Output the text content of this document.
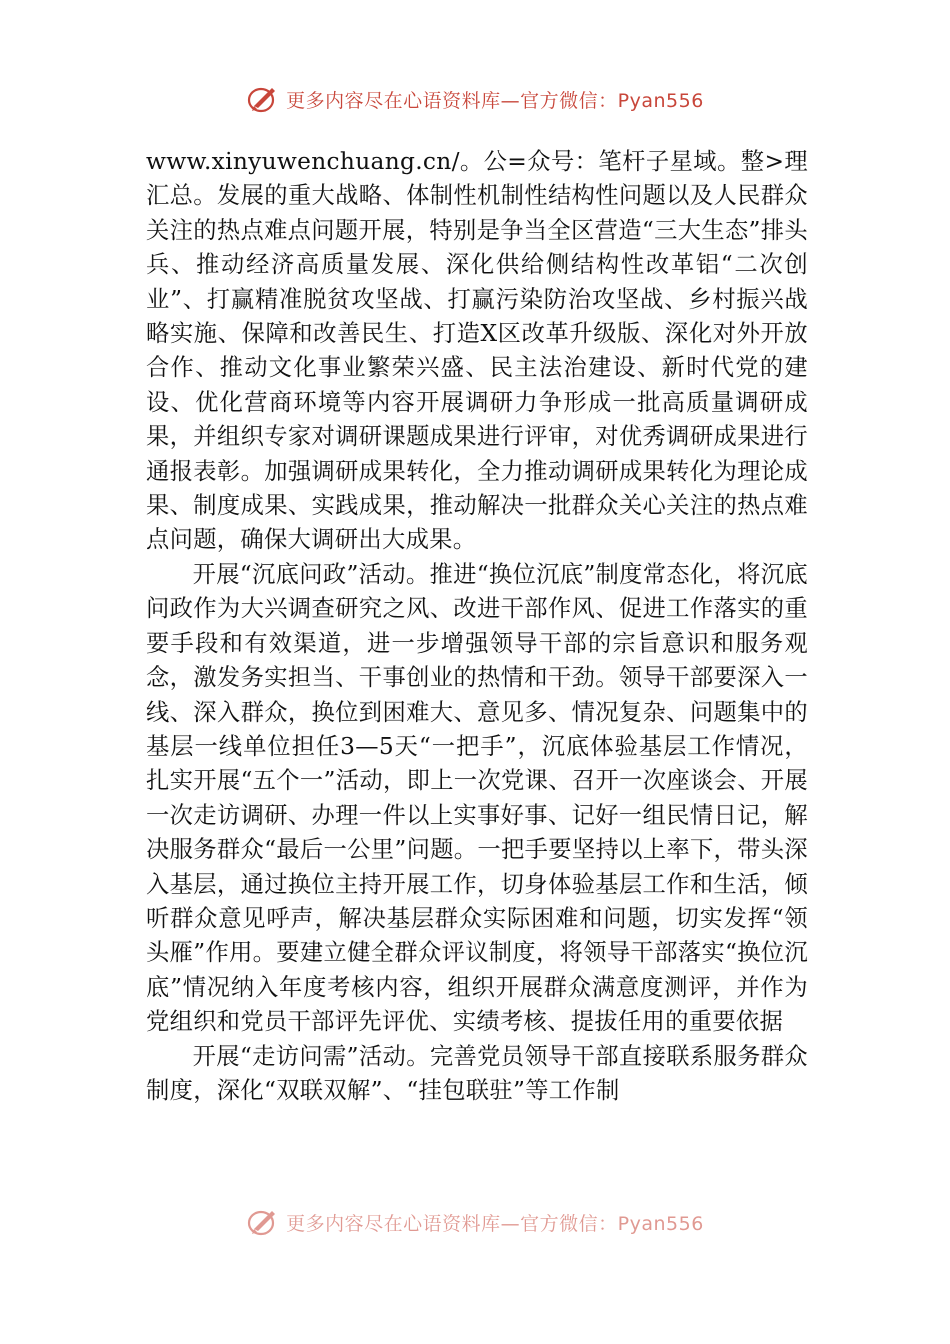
更多内容尽在心语资料库—官方微信：Pyan556

www.xinyuwenchuang.cn/。公=众号：笔杆子星域。整>理汇总。发展的重大战略、体制性机制性结构性问题以及人民群众关注的热点难点问题开展，特别是争当全区营造“三大生态”排头兵、推动经济高质量发展、深化供给侧结构性改革铝“二次创业”、打赢精准脱贫攻坚战、打赢污染防治攻坚战、乡村振兴战略实施、保障和改善民生、打造X区改革升级版、深化对外开放合作、推动文化事业繁荣兴盛、民主法治建设、新时代党的建设、优化营商环境等内容开展调研力争形成一批高质量调研成果，并组织专家对调研课题成果进行评审，对优秀调研成果进行通报表彰。加强调研成果转化，全力推动调研成果转化为理论成果、制度成果、实践成果，推动解决一批群众关心关注的热点难点问题，确保大调研出大成果。

开展“沉底问政”活动。推进“换位沉底”制度常态化，将沉底问政作为大兴调查研究之风、改进干部作风、促进工作落实的重要手段和有效渠道，进一步增强领导干部的宗旨意识和服务观念，激发务实担当、干事创业的热情和干劲。领导干部要深入一线、深入群众，换位到困难大、意见多、情况复杂、问题集中的基层一线单位担任3—5天“一把手”，沉底体验基层工作情况，扎实开展“五个一”活动，即上一次党课、召开一次座谈会、开展一次走访调研、办理一件以上实事好事、记好一组民情日记，解决服务群众“最后一公里”问题。一把手要坚持以上率下，带头深入基层，通过换位主持开展工作，切身体验基层工作和生活，倾听群众意见呼声，解决基层群众实际困难和问题，切实发挥“领头雁”作用。要建立健全群众评议制度，将领导干部落实“换位沉底”情况纳入年度考核内容，组织开展群众满意度测评，并作为党组织和党员干部评先评优、实绩考核、提拔任用的重要依据

开展“走访问需”活动。完善党员领导干部直接联系服务群众制度，深化“双联双解”、“挂包联驻”等工作制

更多内容尽在心语资料库—官方微信：Pyan556
